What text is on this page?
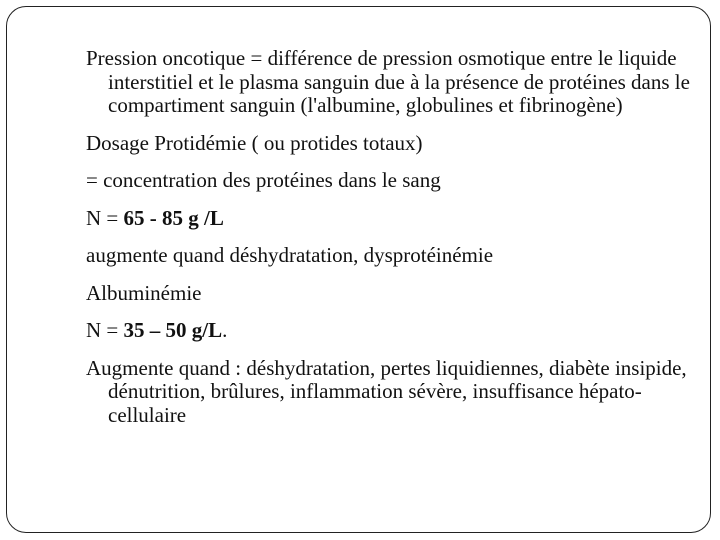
Pression oncotique = différence de pression osmotique entre le liquide interstitiel et le plasma sanguin due à la présence de protéines dans le compartiment sanguin (l'albumine, globulines et fibrinogène)

Dosage Protidémie ( ou protides totaux)

= concentration des protéines dans le sang

N = 65 - 85 g /L

augmente quand déshydratation, dysprotéinémie

Albuminémie

N = 35 – 50 g/L.

Augmente quand : déshydratation, pertes liquidiennes, diabète insipide, dénutrition, brûlures, inflammation sévère, insuffisance hépato-cellulaire
